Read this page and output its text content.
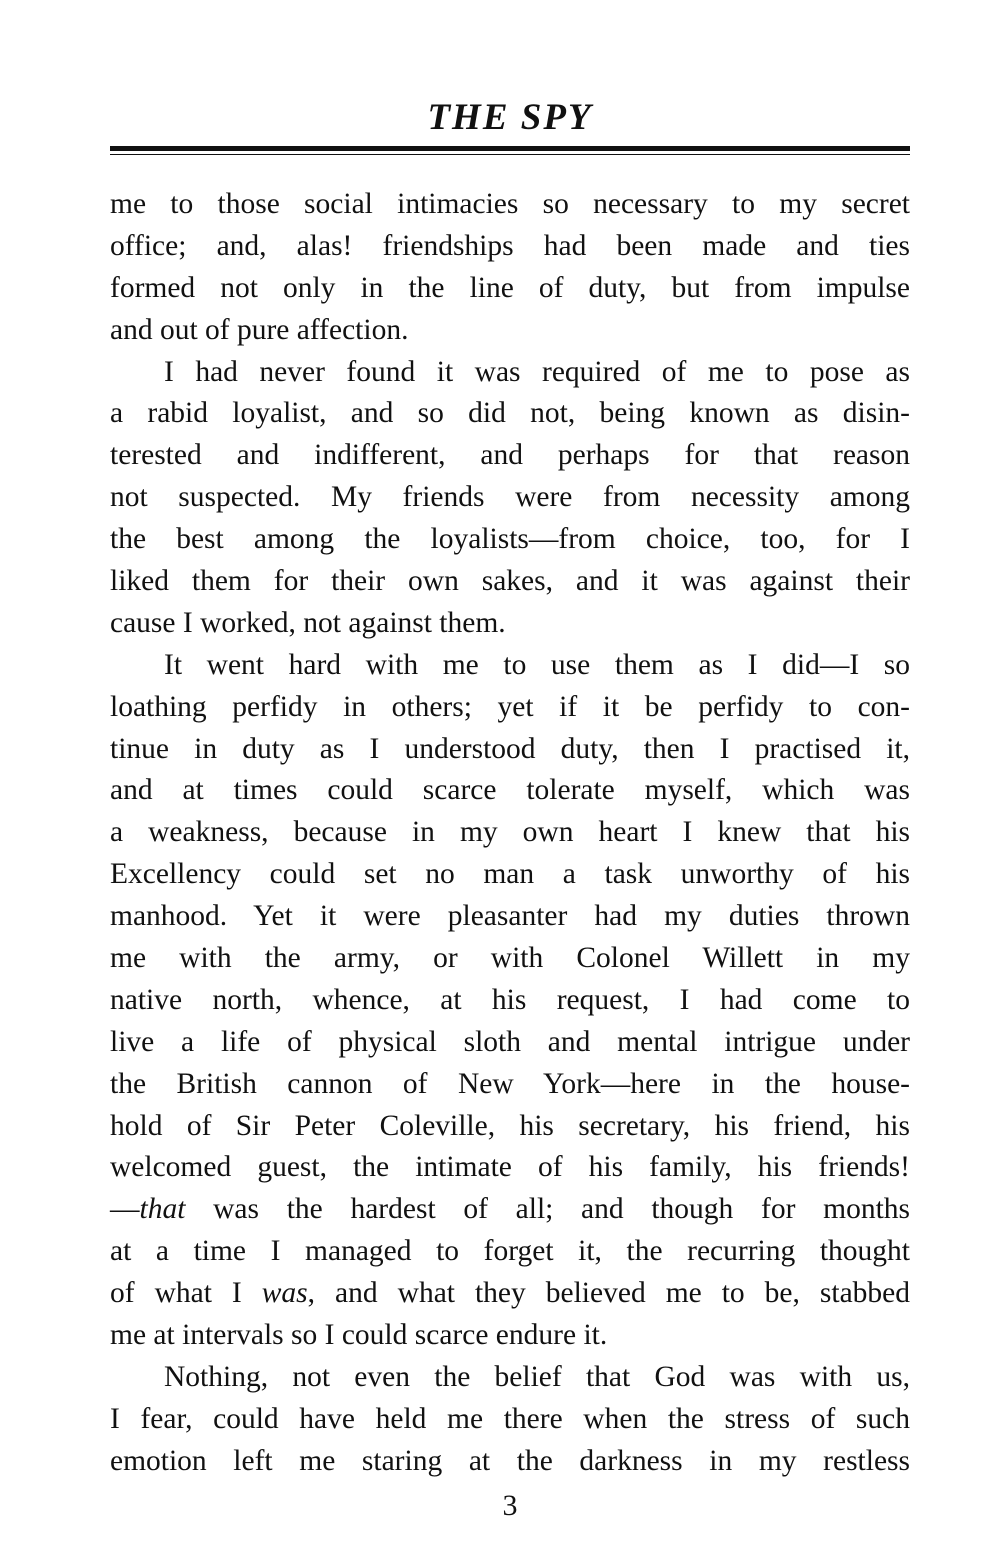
THE SPY
me to those social intimacies so necessary to my secret
office; and, alas! friendships had been made and ties
formed not only in the line of duty, but from impulse
and out of pure affection.
I had never found it was required of me to pose as
a rabid loyalist, and so did not, being known as disin-
terested and indifferent, and perhaps for that reason
not suspected. My friends were from necessity among
the best among the loyalists—from choice, too, for I
liked them for their own sakes, and it was against their
cause I worked, not against them.
It went hard with me to use them as I did—I so
loathing perfidy in others; yet if it be perfidy to con-
tinue in duty as I understood duty, then I practised it,
and at times could scarce tolerate myself, which was
a weakness, because in my own heart I knew that his
Excellency could set no man a task unworthy of his
manhood. Yet it were pleasanter had my duties thrown
me with the army, or with Colonel Willett in my
native north, whence, at his request, I had come to
live a life of physical sloth and mental intrigue under
the British cannon of New York—here in the house-
hold of Sir Peter Coleville, his secretary, his friend, his
welcomed guest, the intimate of his family, his friends!
—that was the hardest of all; and though for months
at a time I managed to forget it, the recurring thought
of what I was, and what they believed me to be, stabbed
me at intervals so I could scarce endure it.
Nothing, not even the belief that God was with us,
I fear, could have held me there when the stress of such
emotion left me staring at the darkness in my restless
3
